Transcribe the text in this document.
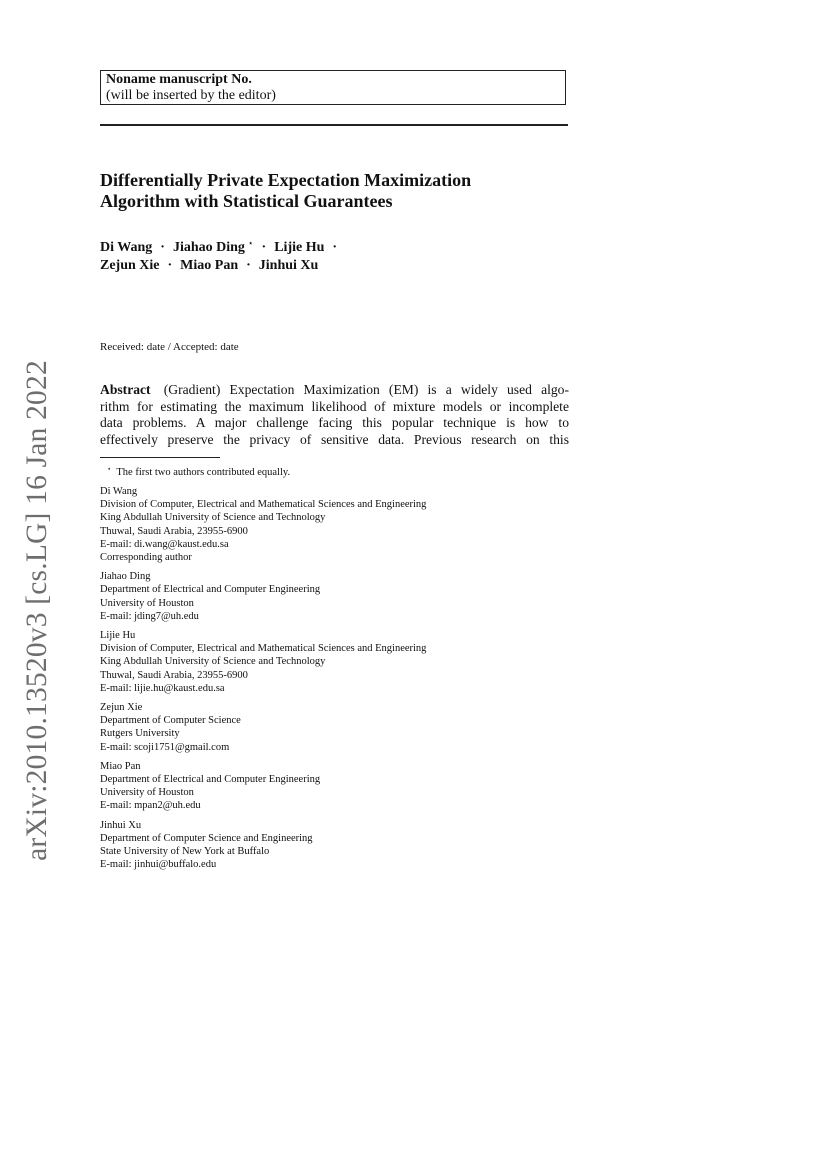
arXiv:2010.13520v3 [cs.LG] 16 Jan 2022
Noname manuscript No.
(will be inserted by the editor)
Differentially Private Expectation Maximization
Algorithm with Statistical Guarantees
Di Wang · Jiahao Ding ⋆ · Lijie Hu ·
Zejun Xie · Miao Pan · Jinhui Xu
Received: date / Accepted: date
Abstract (Gradient) Expectation Maximization (EM) is a widely used algo-
rithm for estimating the maximum likelihood of mixture models or incomplete
data problems. A major challenge facing this popular technique is how to
effectively preserve the privacy of sensitive data. Previous research on this
⋆ The first two authors contributed equally.
Di Wang
Division of Computer, Electrical and Mathematical Sciences and Engineering
King Abdullah University of Science and Technology
Thuwal, Saudi Arabia, 23955-6900
E-mail: di.wang@kaust.edu.sa
Corresponding author
Jiahao Ding
Department of Electrical and Computer Engineering
University of Houston
E-mail: jding7@uh.edu
Lijie Hu
Division of Computer, Electrical and Mathematical Sciences and Engineering
King Abdullah University of Science and Technology
Thuwal, Saudi Arabia, 23955-6900
E-mail: lijie.hu@kaust.edu.sa
Zejun Xie
Department of Computer Science
Rutgers University
E-mail: scoji1751@gmail.com
Miao Pan
Department of Electrical and Computer Engineering
University of Houston
E-mail: mpan2@uh.edu
Jinhui Xu
Department of Computer Science and Engineering
State University of New York at Buffalo
E-mail: jinhui@buffalo.edu
